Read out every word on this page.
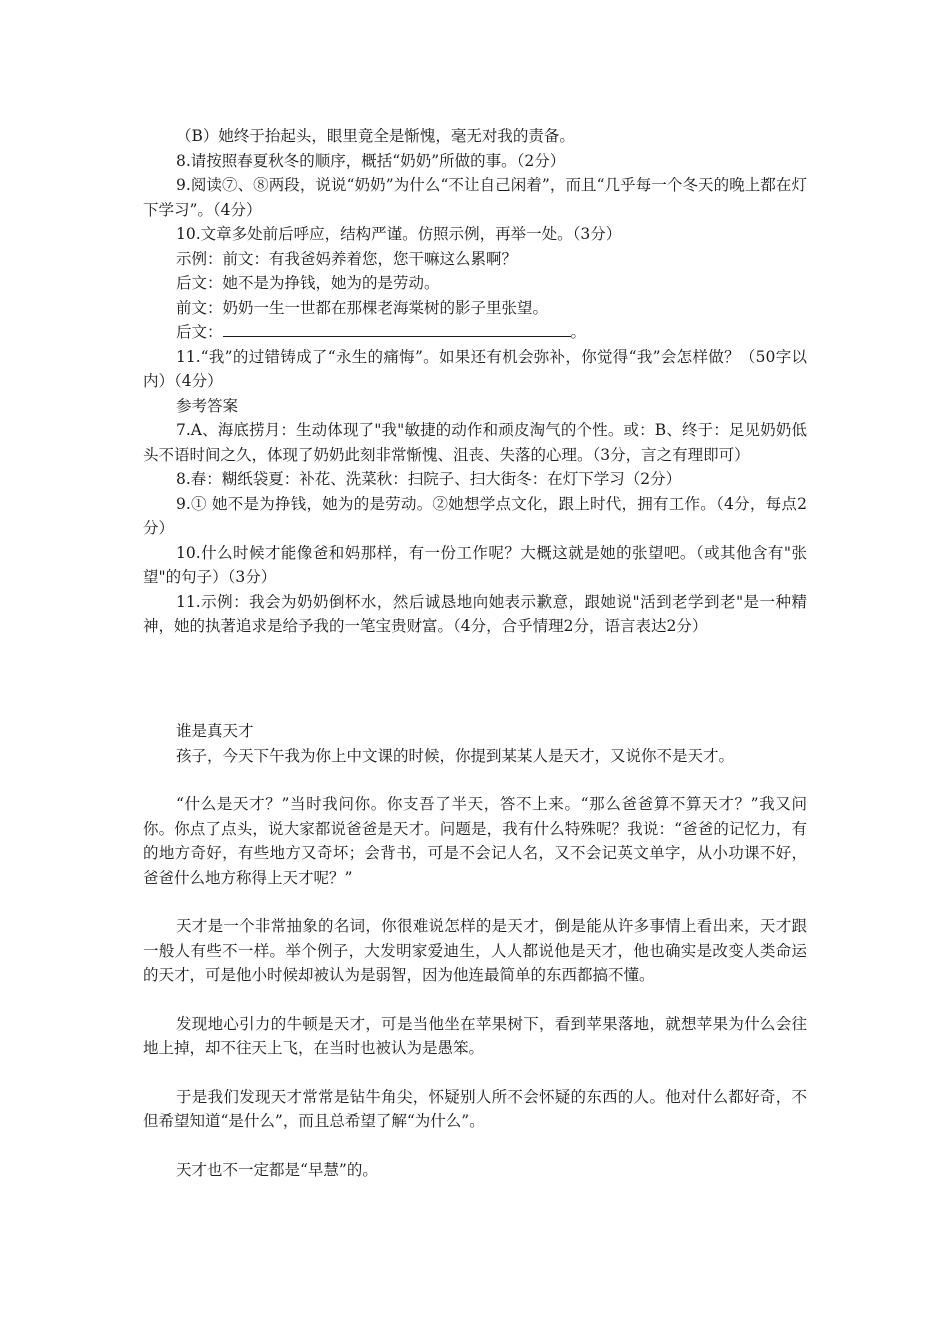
（B）她终于抬起头，眼里竟全是惭愧，毫无对我的责备。

8.请按照春夏秋冬的顺序，概括“奶奶”所做的事。（2分）

9.阅读⑦、⑧两段，说说“奶奶”为什么“不让自己闲着”，而且“几乎每一个冬天的晚上都在灯下学习”。（4分）

10.文章多处前后呼应，结构严谨。仿照示例，再举一处。（3分）

示例：前文：有我爸妈养着您，您干嘛这么累啊？

后文：她不是为挣钱，她为的是劳动。

前文：奶奶一生一世都在那棵老海棠树的影子里张望。

后文：	。

11.“我”的过错铸成了“永生的痛悔”。如果还有机会弥补，你觉得“我”会怎样做？（50字以内）（4分）

参考答案

7.A、海底捞月：生动体现了"我"敏捷的动作和顽皮淘气的个性。或：B、终于：足见奶奶低头不语时间之久，体现了奶奶此刻非常惭愧、沮丧、失落的心理。（3分，言之有理即可）

8.春：糊纸袋夏：补花、洗菜秋：扫院子、扫大街冬：在灯下学习（2分）

9.① 她不是为挣钱，她为的是劳动。②她想学点文化，跟上时代，拥有工作。（4分，每点2分）

10.什么时候才能像爸和妈那样，有一份工作呢？大概这就是她的张望吧。（或其他含有"张望"的句子）（3分）

11.示例：我会为奶奶倒杯水，然后诚恳地向她表示歉意，跟她说"活到老学到老"是一种精神，她的执著追求是给予我的一笔宝贵财富。（4分，合乎情理2分，语言表达2分）

谁是真天才

孩子，今天下午我为你上中文课的时候，你提到某某人是天才，又说你不是天才。

“什么是天才？”当时我问你。你支吾了半天，答不上来。“那么爸爸算不算天才？”我又问你。你点了点头，说大家都说爸爸是天才。问题是，我有什么特殊呢？我说：“爸爸的记忆力，有的地方奇好，有些地方又奇坏；会背书，可是不会记人名，又不会记英文单字，从小功课不好，爸爸什么地方称得上天才呢？”

天才是一个非常抽象的名词，你很难说怎样的是天才，倒是能从许多事情上看出来，天才跟一般人有些不一样。举个例子，大发明家爱迪生，人人都说他是天才，他也确实是改变人类命运的天才，可是他小时候却被认为是弱智，因为他连最简单的东西都搞不懂。

发现地心引力的牛顿是天才，可是当他坐在苹果树下，看到苹果落地，就想苹果为什么会往地上掉，却不往天上飞，在当时也被认为是愚笨。

于是我们发现天才常常是钻牛角尖，怀疑别人所不会怀疑的东西的人。他对什么都好奇，不但希望知道“是什么”，而且总希望了解“为什么”。

天才也不一定都是“早慧”的。
